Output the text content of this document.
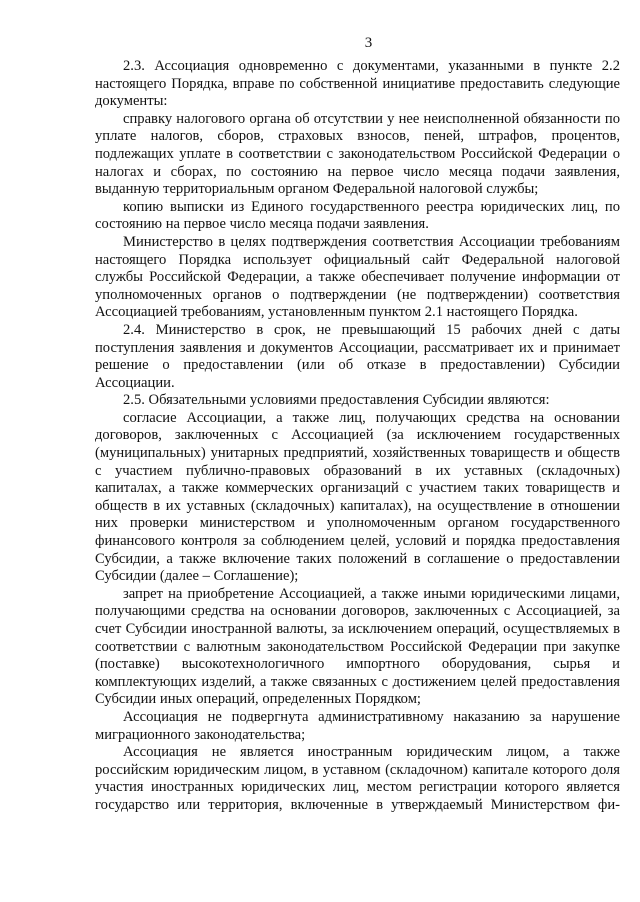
3

2.3. Ассоциация одновременно с документами, указанными в пункте 2.2 настоящего Порядка, вправе по собственной инициативе предоставить следующие документы:

справку налогового органа об отсутствии у нее неисполненной обязанности по уплате налогов, сборов, страховых взносов, пеней, штрафов, процентов, подлежащих уплате в соответствии с законодательством Российской Федерации о налогах и сборах, по состоянию на первое число месяца подачи заявления, выданную территориальным органом Федеральной налоговой службы;

копию выписки из Единого государственного реестра юридических лиц, по состоянию на первое число месяца подачи заявления.

Министерство в целях подтверждения соответствия Ассоциации требованиям настоящего Порядка использует официальный сайт Федеральной налоговой службы Российской Федерации, а также обеспечивает получение информации от уполномоченных органов о подтверждении (не подтверждении) соответствия Ассоциацией требованиям, установленным пунктом 2.1 настоящего Порядка.

2.4. Министерство в срок, не превышающий 15 рабочих дней с даты поступления заявления и документов Ассоциации, рассматривает их и принимает решение о предоставлении (или об отказе в предоставлении) Субсидии Ассоциации.

2.5. Обязательными условиями предоставления Субсидии являются:

согласие Ассоциации, а также лиц, получающих средства на основании договоров, заключенных с Ассоциацией (за исключением государственных (муниципальных) унитарных предприятий, хозяйственных товариществ и обществ с участием публично-правовых образований в их уставных (складочных) капиталах, а также коммерческих организаций с участием таких товариществ и обществ в их уставных (складочных) капиталах), на осуществление в отношении них проверки министерством и уполномоченным органом государственного финансового контроля за соблюдением целей, условий и порядка предоставления Субсидии, а также включение таких положений в соглашение о предоставлении Субсидии (далее – Соглашение);

запрет на приобретение Ассоциацией, а также иными юридическими лицами, получающими средства на основании договоров, заключенных с Ассоциацией, за счет Субсидии иностранной валюты, за исключением операций, осуществляемых в соответствии с валютным законодательством Российской Федерации при закупке (поставке) высокотехнологичного импортного оборудования, сырья и комплектующих изделий, а также связанных с достижением целей предоставления Субсидии иных операций, определенных Порядком;

Ассоциация не подвергнута административному наказанию за нарушение миграционного законодательства;

Ассоциация не является иностранным юридическим лицом, а также российским юридическим лицом, в уставном (складочном) капитале которого доля участия иностранных юридических лиц, местом регистрации которого является государство или территория, включенные в утверждаемый Министерством фи-
